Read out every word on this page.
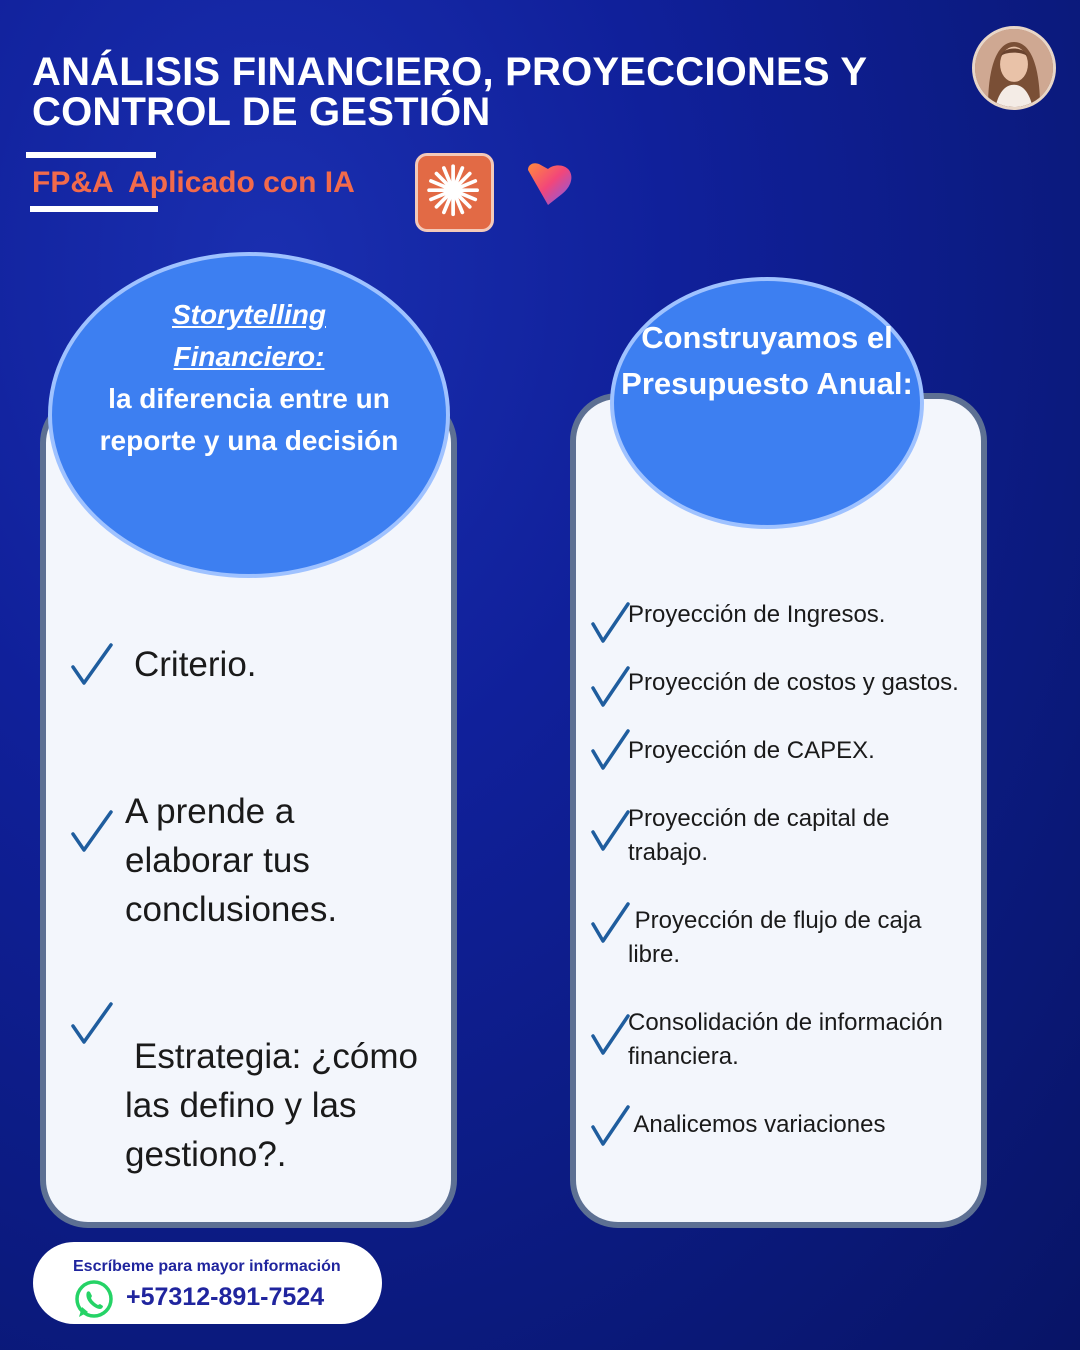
ANÁLISIS FINANCIERO, PROYECCIONES Y
CONTROL DE GESTIÓN
FP&A  Aplicado con IA
Storytelling
Financiero:
la diferencia entre un reporte y una decisión
Criterio.
A prende a elaborar tus conclusiones.
Estrategia: ¿cómo las defino y las gestiono?.
Construyamos el Presupuesto Anual:
Proyección de Ingresos.
Proyección de costos y gastos.
Proyección de CAPEX.
Proyección de capital de trabajo.
Proyección de flujo de caja libre.
Consolidación de información financiera.
Analicemos variaciones
Escríbeme para mayor información
+57312-891-7524
